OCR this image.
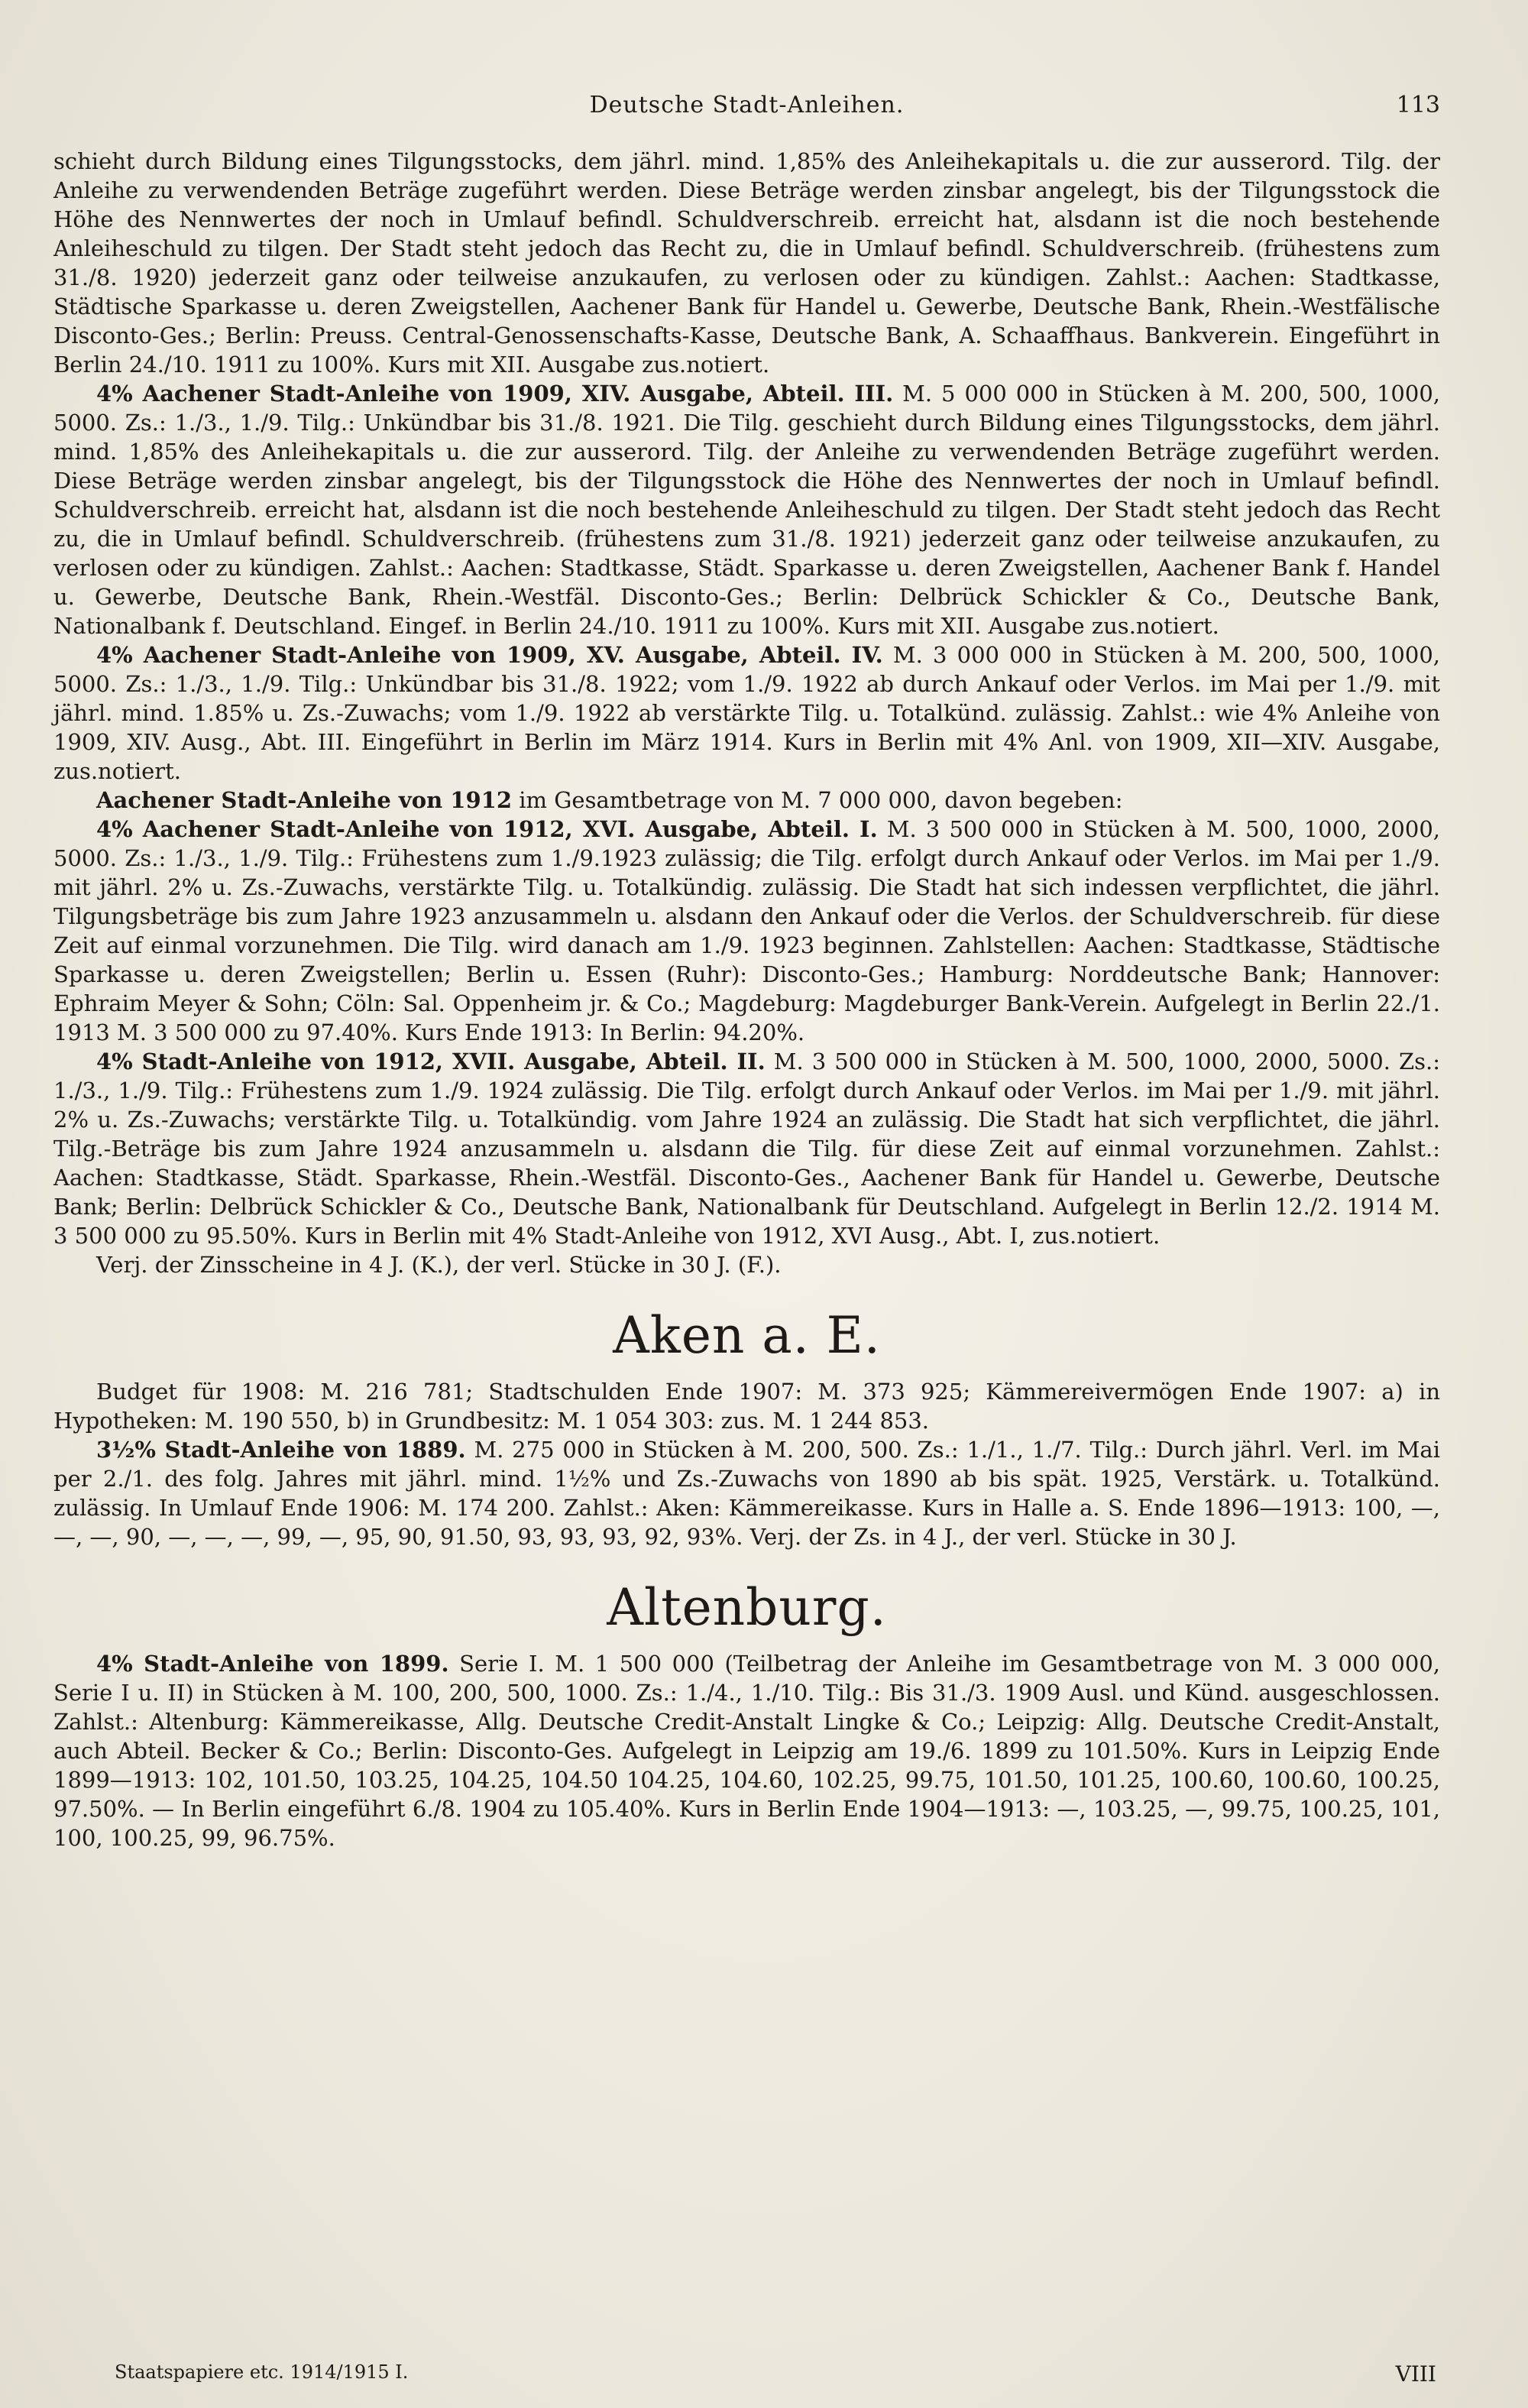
Deutsche Stadt-Anleihen.	113

schieht durch Bildung eines Tilgungsstocks, dem jährl. mind. 1,85% des Anleihekapitals u. die zur ausserord. Tilg. der Anleihe zu verwendenden Beträge zugeführt werden. Diese Beträge werden zinsbar angelegt, bis der Tilgungsstock die Höhe des Nennwertes der noch in Umlauf befindl. Schuldverschreib. erreicht hat, alsdann ist die noch bestehende Anleiheschuld zu tilgen. Der Stadt steht jedoch das Recht zu, die in Umlauf befindl. Schuldverschreib. (frühestens zum 31./8. 1920) jederzeit ganz oder teilweise anzukaufen, zu verlosen oder zu kündigen. Zahlst.: Aachen: Stadtkasse, Städtische Sparkasse u. deren Zweigstellen, Aachener Bank für Handel u. Gewerbe, Deutsche Bank, Rhein.-Westfälische Disconto-Ges.; Berlin: Preuss. Central-Genossenschafts-Kasse, Deutsche Bank, A. Schaaffhaus. Bankverein. Eingeführt in Berlin 24./10. 1911 zu 100%. Kurs mit XII. Ausgabe zus.notiert.

4% Aachener Stadt-Anleihe von 1909, XIV. Ausgabe, Abteil. III. M. 5 000 000 in Stücken à M. 200, 500, 1000, 5000. Zs.: 1./3., 1./9. Tilg.: Unkündbar bis 31./8. 1921. Die Tilg. geschieht durch Bildung eines Tilgungsstocks, dem jährl. mind. 1,85% des Anleihekapitals u. die zur ausserord. Tilg. der Anleihe zu verwendenden Beträge zugeführt werden. Diese Beträge werden zinsbar angelegt, bis der Tilgungsstock die Höhe des Nennwertes der noch in Umlauf befindl. Schuldverschreib. erreicht hat, alsdann ist die noch bestehende Anleiheschuld zu tilgen. Der Stadt steht jedoch das Recht zu, die in Umlauf befindl. Schuldverschreib. (frühestens zum 31./8. 1921) jederzeit ganz oder teilweise anzukaufen, zu verlosen oder zu kündigen. Zahlst.: Aachen: Stadtkasse, Städt. Sparkasse u. deren Zweigstellen, Aachener Bank f. Handel u. Gewerbe, Deutsche Bank, Rhein.-Westfäl. Disconto-Ges.; Berlin: Delbrück Schickler & Co., Deutsche Bank, Nationalbank f. Deutschland. Eingef. in Berlin 24./10. 1911 zu 100%. Kurs mit XII. Ausgabe zus.notiert.

4% Aachener Stadt-Anleihe von 1909, XV. Ausgabe, Abteil. IV. M. 3 000 000 in Stücken à M. 200, 500, 1000, 5000. Zs.: 1./3., 1./9. Tilg.: Unkündbar bis 31./8. 1922; vom 1./9. 1922 ab durch Ankauf oder Verlos. im Mai per 1./9. mit jährl. mind. 1.85% u. Zs.-Zuwachs; vom 1./9. 1922 ab verstärkte Tilg. u. Totalkünd. zulässig. Zahlst.: wie 4% Anleihe von 1909, XIV. Ausg., Abt. III. Eingeführt in Berlin im März 1914. Kurs in Berlin mit 4% Anl. von 1909, XII—XIV. Ausgabe, zus.notiert.

Aachener Stadt-Anleihe von 1912 im Gesamtbetrage von M. 7 000 000, davon begeben:

4% Aachener Stadt-Anleihe von 1912, XVI. Ausgabe, Abteil. I. M. 3 500 000 in Stücken à M. 500, 1000, 2000, 5000. Zs.: 1./3., 1./9. Tilg.: Frühestens zum 1./9.1923 zulässig; die Tilg. erfolgt durch Ankauf oder Verlos. im Mai per 1./9. mit jährl. 2% u. Zs.-Zuwachs, verstärkte Tilg. u. Totalkündig. zulässig. Die Stadt hat sich indessen verpflichtet, die jährl. Tilgungsbeträge bis zum Jahre 1923 anzusammeln u. alsdann den Ankauf oder die Verlos. der Schuldverschreib. für diese Zeit auf einmal vorzunehmen. Die Tilg. wird danach am 1./9. 1923 beginnen. Zahlstellen: Aachen: Stadtkasse, Städtische Sparkasse u. deren Zweigstellen; Berlin u. Essen (Ruhr): Disconto-Ges.; Hamburg: Norddeutsche Bank; Hannover: Ephraim Meyer & Sohn; Cöln: Sal. Oppenheim jr. & Co.; Magdeburg: Magdeburger Bank-Verein. Aufgelegt in Berlin 22./1. 1913 M. 3 500 000 zu 97.40%. Kurs Ende 1913: In Berlin: 94.20%.

4% Stadt-Anleihe von 1912, XVII. Ausgabe, Abteil. II. M. 3 500 000 in Stücken à M. 500, 1000, 2000, 5000. Zs.: 1./3., 1./9. Tilg.: Frühestens zum 1./9. 1924 zulässig. Die Tilg. erfolgt durch Ankauf oder Verlos. im Mai per 1./9. mit jährl. 2% u. Zs.-Zuwachs; verstärkte Tilg. u. Totalkündig. vom Jahre 1924 an zulässig. Die Stadt hat sich verpflichtet, die jährl. Tilg.-Beträge bis zum Jahre 1924 anzusammeln u. alsdann die Tilg. für diese Zeit auf einmal vorzunehmen. Zahlst.: Aachen: Stadtkasse, Städt. Sparkasse, Rhein.-Westfäl. Disconto-Ges., Aachener Bank für Handel u. Gewerbe, Deutsche Bank; Berlin: Delbrück Schickler & Co., Deutsche Bank, Nationalbank für Deutschland. Aufgelegt in Berlin 12./2. 1914 M. 3 500 000 zu 95.50%. Kurs in Berlin mit 4% Stadt-Anleihe von 1912, XVI Ausg., Abt. I, zus.notiert.

Verj. der Zinsscheine in 4 J. (K.), der verl. Stücke in 30 J. (F.).

Aken a. E.

Budget für 1908: M. 216 781; Stadtschulden Ende 1907: M. 373 925; Kämmereivermögen Ende 1907: a) in Hypotheken: M. 190 550, b) in Grundbesitz: M. 1 054 303: zus. M. 1 244 853.

3½% Stadt-Anleihe von 1889. M. 275 000 in Stücken à M. 200, 500. Zs.: 1./1., 1./7. Tilg.: Durch jährl. Verl. im Mai per 2./1. des folg. Jahres mit jährl. mind. 1½% und Zs.-Zuwachs von 1890 ab bis spät. 1925, Verstärk. u. Totalkünd. zulässig. In Umlauf Ende 1906: M. 174 200. Zahlst.: Aken: Kämmereikasse. Kurs in Halle a. S. Ende 1896—1913: 100, —, —, —, 90, —, —, —, 99, —, 95, 90, 91.50, 93, 93, 93, 92, 93%. Verj. der Zs. in 4 J., der verl. Stücke in 30 J.

Altenburg.

4% Stadt-Anleihe von 1899. Serie I. M. 1 500 000 (Teilbetrag der Anleihe im Gesamtbetrage von M. 3 000 000, Serie I u. II) in Stücken à M. 100, 200, 500, 1000. Zs.: 1./4., 1./10. Tilg.: Bis 31./3. 1909 Ausl. und Künd. ausgeschlossen. Zahlst.: Altenburg: Kämmereikasse, Allg. Deutsche Credit-Anstalt Lingke & Co.; Leipzig: Allg. Deutsche Credit-Anstalt, auch Abteil. Becker & Co.; Berlin: Disconto-Ges. Aufgelegt in Leipzig am 19./6. 1899 zu 101.50%. Kurs in Leipzig Ende 1899—1913: 102, 101.50, 103.25, 104.25, 104.50 104.25, 104.60, 102.25, 99.75, 101.50, 101.25, 100.60, 100.60, 100.25, 97.50%. — In Berlin eingeführt 6./8. 1904 zu 105.40%. Kurs in Berlin Ende 1904—1913: —, 103.25, —, 99.75, 100.25, 101, 100, 100.25, 99, 96.75%.

Staatspapiere etc. 1914/1915 I.	VIII
